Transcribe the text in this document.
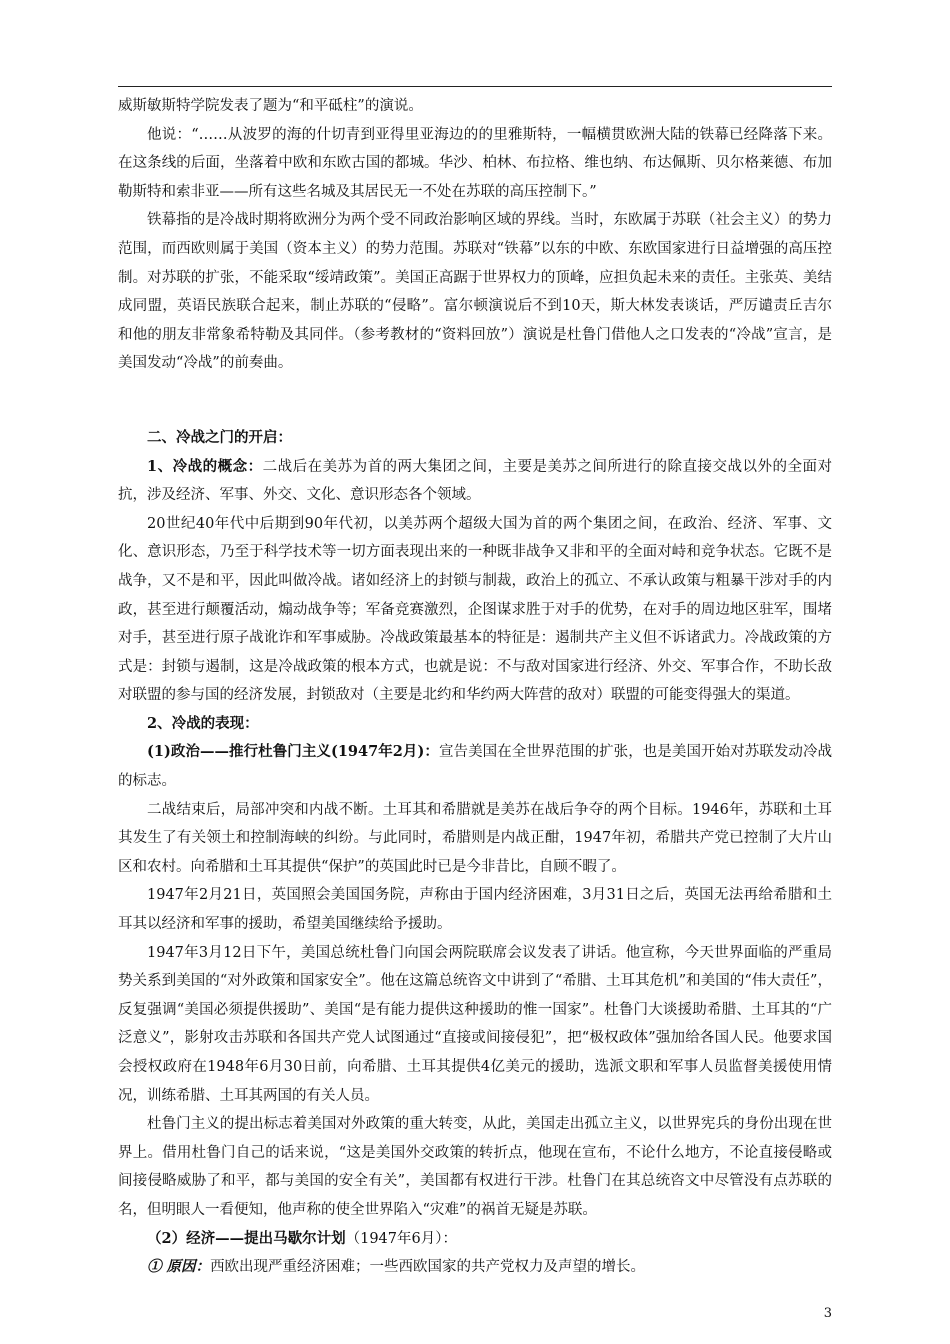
威斯敏斯特学院发表了题为“和平砥柱”的演说。

他说：“……从波罗的海的什切青到亚得里亚海边的的里雅斯特，一幅横贯欧洲大陆的铁幕已经降落下来。在这条线的后面，坐落着中欧和东欧古国的都城。华沙、柏林、布拉格、维也纳、布达佩斯、贝尔格莱德、布加勒斯特和索非亚——所有这些名城及其居民无一不处在苏联的高压控制下。”

铁幕指的是冷战时期将欧洲分为两个受不同政治影响区域的界线。当时，东欧属于苏联（社会主义）的势力范围，而西欧则属于美国（资本主义）的势力范围。苏联对“铁幕”以东的中欧、东欧国家进行日益增强的高压控制。对苏联的扩张，不能采取“绥靖政策”。美国正高踞于世界权力的顶峰，应担负起未来的责任。主张英、美结成同盟，英语民族联合起来，制止苏联的“侵略”。富尔顿演说后不到10天，斯大林发表谈话，严厉谴责丘吉尔和他的朋友非常象希特勒及其同伴。（参考教材的“资料回放”）演说是杜鲁门借他人之口发表的“冷战”宣言，是美国发动“冷战”的前奏曲。

二、冷战之门的开启：

1、冷战的概念：二战后在美苏为首的两大集团之间，主要是美苏之间所进行的除直接交战以外的全面对抗，涉及经济、军事、外交、文化、意识形态各个领域。

20世纪40年代中后期到90年代初，以美苏两个超级大国为首的两个集团之间，在政治、经济、军事、文化、意识形态，乃至于科学技术等一切方面表现出来的一种既非战争又非和平的全面对峙和竞争状态。它既不是战争，又不是和平，因此叫做冷战。诸如经济上的封锁与制裁，政治上的孤立、不承认政策与粗暴干涉对手的内政，甚至进行颠覆活动，煽动战争等；军备竞赛激烈，企图谋求胜于对手的优势，在对手的周边地区驻军，围堵对手，甚至进行原子战讹诈和军事威胁。冷战政策最基本的特征是：遏制共产主义但不诉诸武力。冷战政策的方式是：封锁与遏制，这是冷战政策的根本方式，也就是说：不与敌对国家进行经济、外交、军事合作，不助长敌对联盟的参与国的经济发展，封锁敌对（主要是北约和华约两大阵营的敌对）联盟的可能变得强大的渠道。

2、冷战的表现：

(1)政治——推行杜鲁门主义(1947年2月)：宣告美国在全世界范围的扩张，也是美国开始对苏联发动冷战的标志。

二战结束后，局部冲突和内战不断。土耳其和希腊就是美苏在战后争夺的两个目标。1946年，苏联和土耳其发生了有关领土和控制海峡的纠纷。与此同时，希腊则是内战正酣，1947年初，希腊共产党已控制了大片山区和农村。向希腊和土耳其提供“保护”的英国此时已是今非昔比，自顾不暇了。

1947年2月21日，英国照会美国国务院，声称由于国内经济困难，3月31日之后，英国无法再给希腊和土耳其以经济和军事的援助，希望美国继续给予援助。

1947年3月12日下午，美国总统杜鲁门向国会两院联席会议发表了讲话。他宣称，今天世界面临的严重局势关系到美国的“对外政策和国家安全”。他在这篇总统咨文中讲到了“希腊、土耳其危机”和美国的“伟大责任”，反复强调“美国必须提供援助”、美国“是有能力提供这种援助的惟一国家”。杜鲁门大谈援助希腊、土耳其的“广泛意义”，影射攻击苏联和各国共产党人试图通过“直接或间接侵犯”，把“极权政体”强加给各国人民。他要求国会授权政府在1948年6月30日前，向希腊、土耳其提供4亿美元的援助，选派文职和军事人员监督美援使用情况，训练希腊、土耳其两国的有关人员。

杜鲁门主义的提出标志着美国对外政策的重大转变，从此，美国走出孤立主义，以世界宪兵的身份出现在世界上。借用杜鲁门自己的话来说，“这是美国外交政策的转折点，他现在宣布，不论什么地方，不论直接侵略或间接侵略威胁了和平，都与美国的安全有关”，美国都有权进行干涉。杜鲁门在其总统咨文中尽管没有点苏联的名，但明眼人一看便知，他声称的使全世界陷入“灾难”的祸首无疑是苏联。

（2）经济——提出马歇尔计划（1947年6月）：

① 原因：西欧出现严重经济困难；一些西欧国家的共产党权力及声望的增长。

3
